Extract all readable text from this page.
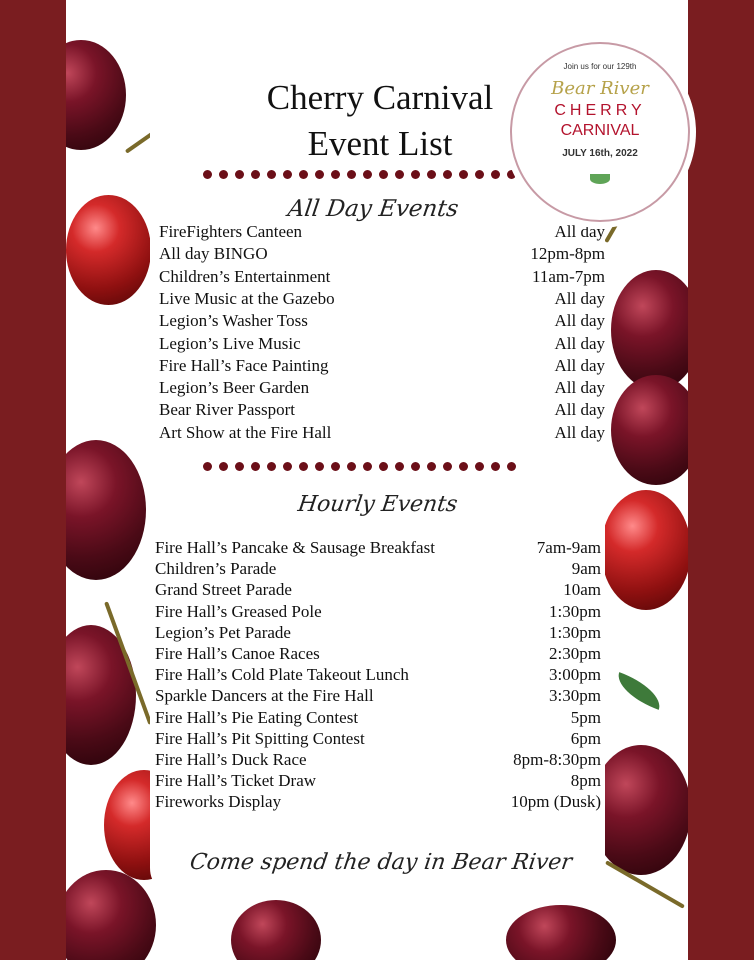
Cherry Carnival
Event List
All Day Events
FireFighters Canteen	All day
All day BINGO	12pm-8pm
Children’s Entertainment	11am-7pm
Live Music at the Gazebo	All day
Legion’s Washer Toss	All day
Legion’s Live Music	All day
Fire Hall’s Face Painting	All day
Legion’s Beer Garden	All day
Bear River Passport	All day
Art Show at the Fire Hall	All day
Hourly Events
Fire Hall’s Pancake & Sausage Breakfast	7am-9am
Children’s Parade	9am
Grand Street Parade	10am
Fire Hall’s Greased Pole	1:30pm
Legion’s Pet Parade	1:30pm
Fire Hall’s Canoe Races	2:30pm
Fire Hall’s Cold Plate Takeout Lunch	3:00pm
Sparkle Dancers at the Fire Hall	3:30pm
Fire Hall’s Pie Eating Contest	5pm
Fire Hall’s Pit Spitting Contest	6pm
Fire Hall’s Duck Race	8pm-8:30pm
Fire Hall’s Ticket Draw	8pm
Fireworks Display	10pm (Dusk)
Come spend the day in Bear River
Join us for our 129th
Bear River
CHERRY
CARNIVAL
JULY 16th, 2022
